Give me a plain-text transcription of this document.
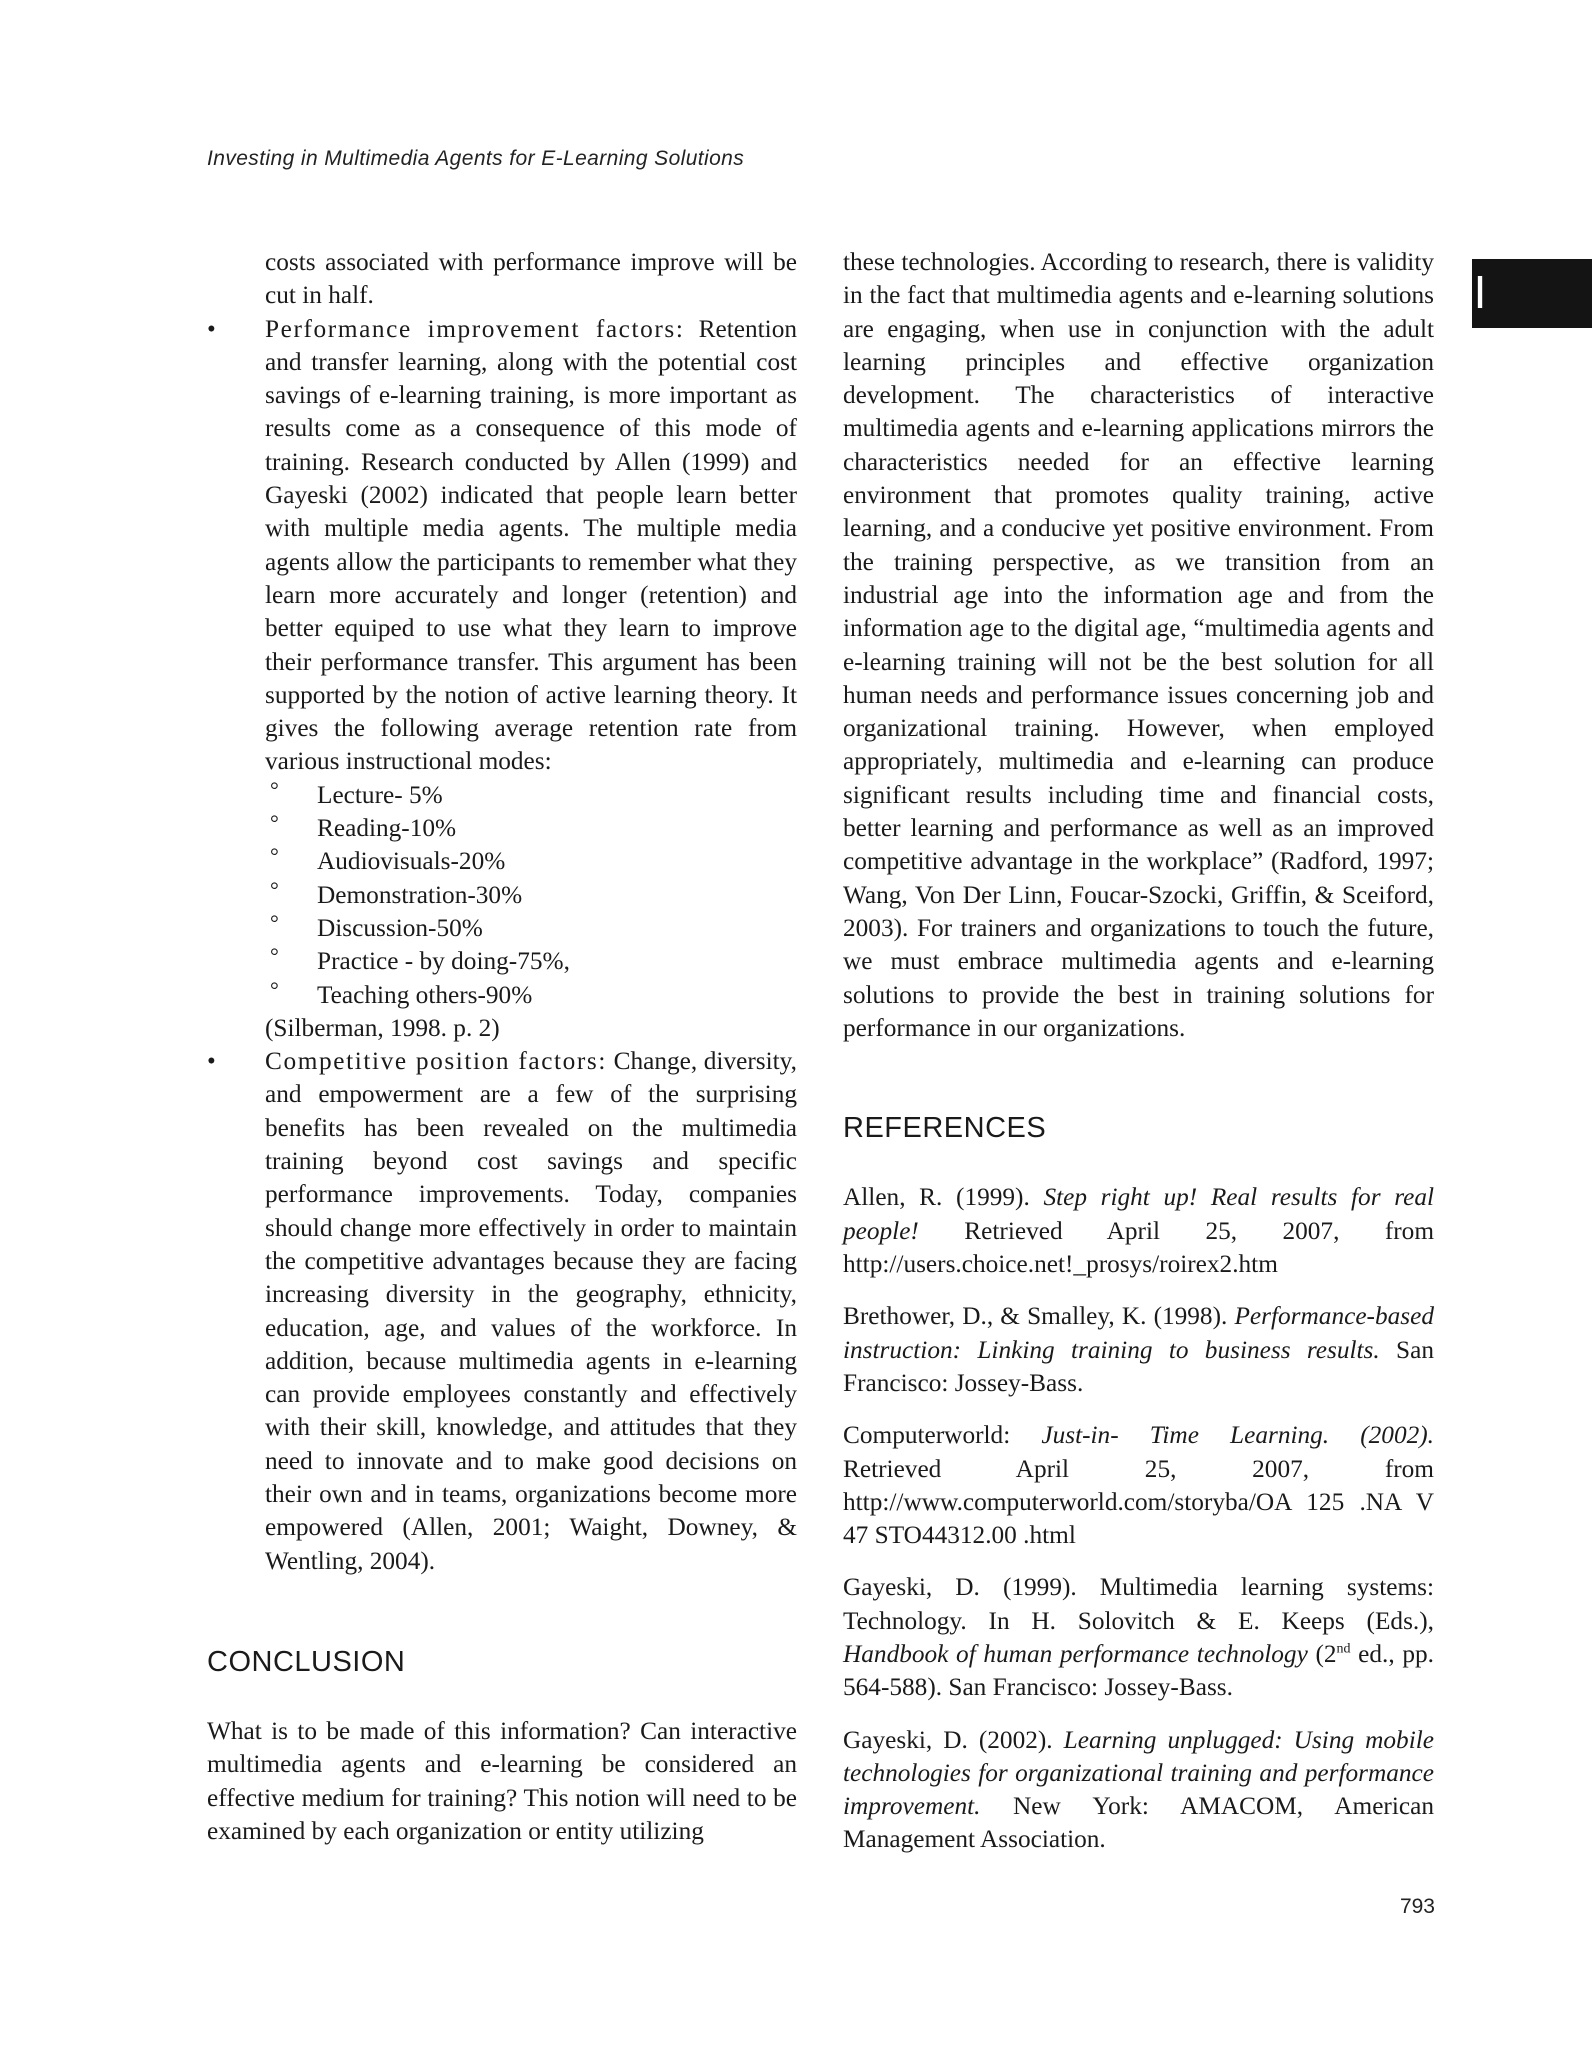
Investing in Multimedia Agents for E-Learning Solutions
I

costs associated with performance improve will be cut in half.

• Performance improvement factors: Retention and transfer learning, along with the potential cost savings of e-learning training, is more important as results come as a consequence of this mode of training. Research conducted by Allen (1999) and Gayeski (2002) indicated that people learn better with multiple media agents. The multiple media agents allow the participants to remember what they learn more accurately and longer (retention) and better equiped to use what they learn to improve their performance transfer. This argument has been supported by the notion of active learning theory. It gives the following average retention rate from various instructional modes:
° Lecture- 5%
° Reading-10%
° Audiovisuals-20%
° Demonstration-30%
° Discussion-50%
° Practice - by doing-75%,
° Teaching others-90%

(Silberman, 1998. p. 2)

• Competitive position factors: Change, diversity, and empowerment are a few of the surprising benefits has been revealed on the multimedia training beyond cost savings and specific performance improvements. Today, companies should change more effectively in order to maintain the competitive advantages because they are facing increasing diversity in the geography, ethnicity, education, age, and values of the workforce. In addition, because multimedia agents in e-learning can provide employees constantly and effectively with their skill, knowledge, and attitudes that they need to innovate and to make good decisions on their own and in teams, organizations become more empowered (Allen, 2001; Waight, Downey, & Wentling, 2004).
CONCLUSION

What is to be made of this information? Can interactive multimedia agents and e-learning be considered an effective medium for training? This notion will need to be examined by each organization or entity utilizing

these technologies. According to research, there is validity in the fact that multimedia agents and e-learning solutions are engaging, when use in conjunction with the adult learning principles and effective organization development. The characteristics of interactive multimedia agents and e-learning applications mirrors the characteristics needed for an effective learning environment that promotes quality training, active learning, and a conducive yet positive environment. From the training perspective, as we transition from an industrial age into the information age and from the information age to the digital age, “multimedia agents and e-learning training will not be the best solution for all human needs and performance issues concerning job and organizational training. However, when employed appropriately, multimedia and e-learning can produce significant results including time and financial costs, better learning and performance as well as an improved competitive advantage in the workplace” (Radford, 1997; Wang, Von Der Linn, Foucar-Szocki, Griffin, & Sceiford, 2003). For trainers and organizations to touch the future, we must embrace multimedia agents and e-learning solutions to provide the best in training solutions for performance in our organizations.

REFERENCES

Allen, R. (1999). Step right up! Real results for real people! Retrieved April 25, 2007, from http://users.choice.net!_prosys/roirex2.htm

Brethower, D., & Smalley, K. (1998). Performance-based instruction: Linking training to business results. San Francisco: Jossey-Bass.

Computerworld: Just-in- Time Learning. (2002). Retrieved April 25, 2007, from http://www.computerworld.com/storyba/OA 125 .NA V 47 STO44312.00 .html

Gayeski, D. (1999). Multimedia learning systems: Technology. In H. Solovitch & E. Keeps (Eds.), Handbook of human performance technology (2nd ed., pp. 564-588). San Francisco: Jossey-Bass.

Gayeski, D. (2002). Learning unplugged: Using mobile technologies for organizational training and performance improvement. New York: AMACOM, American Management Association.

793
